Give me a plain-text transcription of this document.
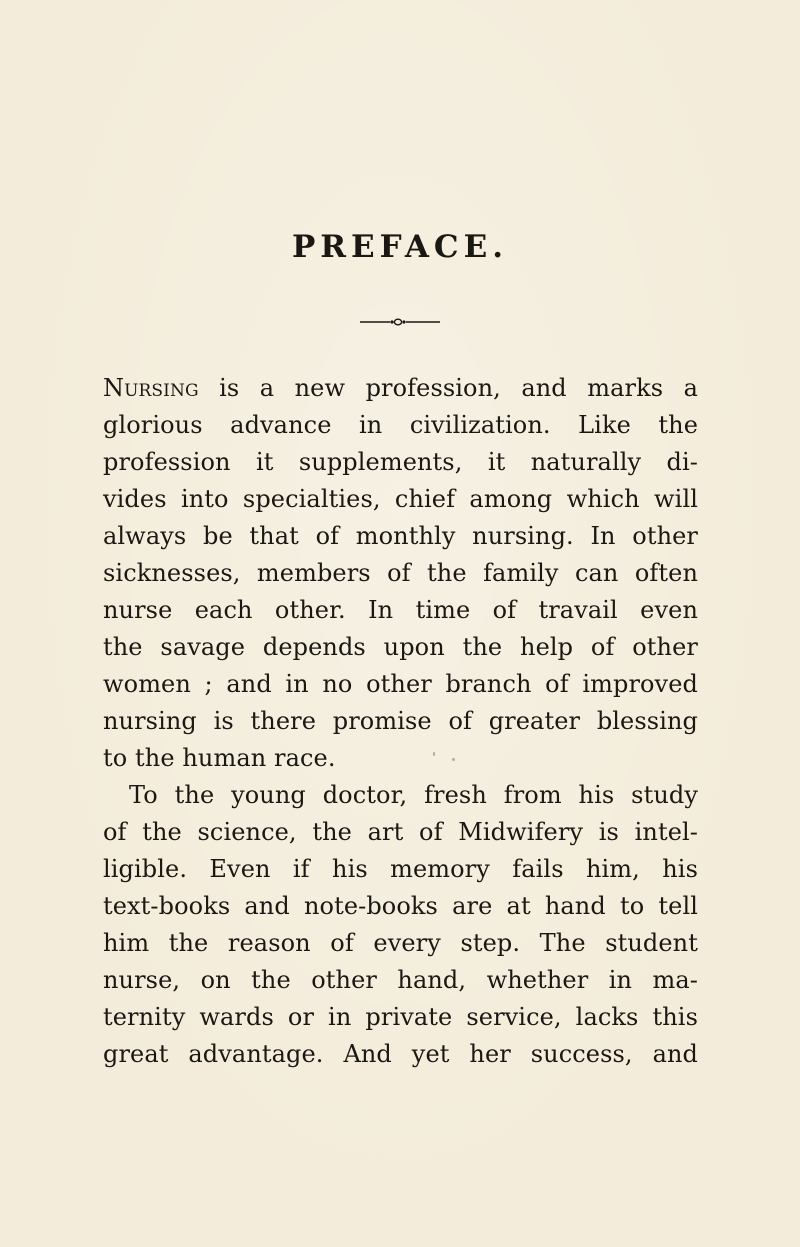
PREFACE.
Nursing is a new profession, and marks a
glorious advance in civilization. Like the
profession it supplements, it naturally di-
vides into specialties, chief among which will
always be that of monthly nursing. In other
sicknesses, members of the family can often
nurse each other. In time of travail even
the savage depends upon the help of other
women ; and in no other branch of improved
nursing is there promise of greater blessing
to the human race.
To the young doctor, fresh from his study
of the science, the art of Midwifery is intel-
ligible. Even if his memory fails him, his
text-books and note-books are at hand to tell
him the reason of every step. The student
nurse, on the other hand, whether in ma-
ternity wards or in private service, lacks this
great advantage. And yet her success, and
